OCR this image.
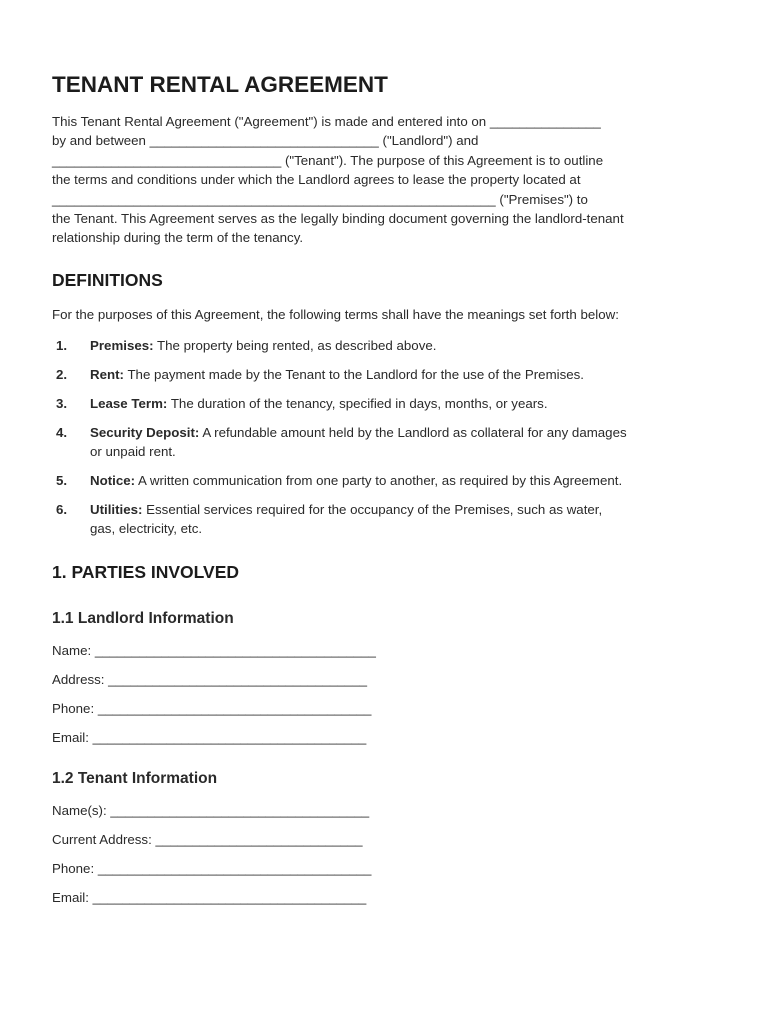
TENANT RENTAL AGREEMENT
This Tenant Rental Agreement ("Agreement") is made and entered into on _______________
by and between _______________________________ ("Landlord") and
_______________________________ ("Tenant"). The purpose of this Agreement is to outline
the terms and conditions under which the Landlord agrees to lease the property located at
____________________________________________________________ ("Premises") to
the Tenant. This Agreement serves as the legally binding document governing the landlord-tenant
relationship during the term of the tenancy.
DEFINITIONS
For the purposes of this Agreement, the following terms shall have the meanings set forth below:
1. Premises: The property being rented, as described above.
2. Rent: The payment made by the Tenant to the Landlord for the use of the Premises.
3. Lease Term: The duration of the tenancy, specified in days, months, or years.
4. Security Deposit: A refundable amount held by the Landlord as collateral for any damages
or unpaid rent.
5. Notice: A written communication from one party to another, as required by this Agreement.
6. Utilities: Essential services required for the occupancy of the Premises, such as water,
gas, electricity, etc.
1. PARTIES INVOLVED
1.1 Landlord Information
Name: ______________________________________
Address: ___________________________________
Phone: _____________________________________
Email: _____________________________________
1.2 Tenant Information
Name(s): ___________________________________
Current Address: ____________________________
Phone: _____________________________________
Email: _____________________________________
